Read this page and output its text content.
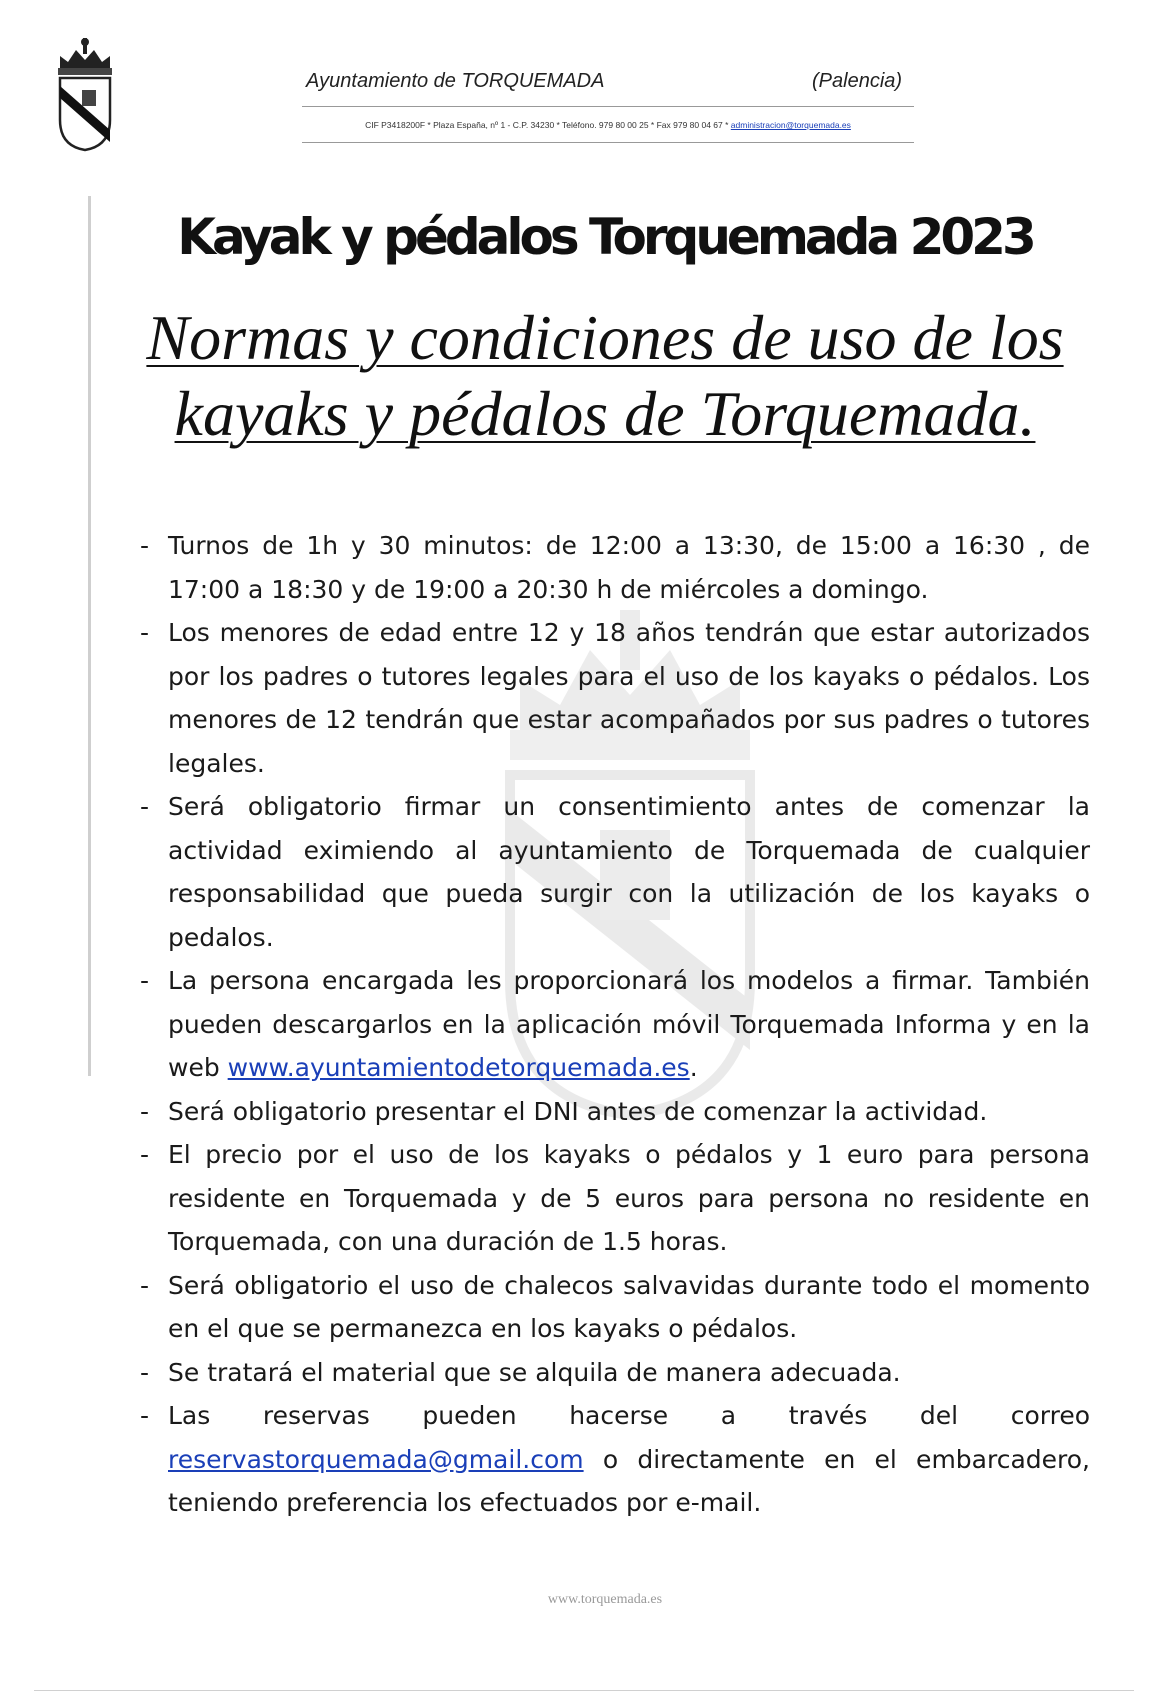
Ayuntamiento de TORQUEMADA	(Palencia)
CIF P3418200F * Plaza España, nº 1 - C.P. 34230 * Teléfono. 979 80 00 25 * Fax 979 80 04 67 * administracion@torquemada.es
Kayak y pédalos Torquemada 2023
Normas y condiciones de uso de los
kayaks y pédalos de Torquemada.
- Turnos de 1h y 30 minutos: de 12:00 a 13:30, de 15:00 a 16:30 , de 17:00 a 18:30 y de 19:00 a 20:30 h de miércoles a domingo.
- Los menores de edad entre 12 y 18 años tendrán que estar autorizados por los padres o tutores legales para el uso de los kayaks o pédalos. Los menores de 12 tendrán que estar acompañados por sus padres o tutores legales.
- Será obligatorio firmar un consentimiento antes de comenzar la actividad eximiendo al ayuntamiento de Torquemada de cualquier responsabilidad que pueda surgir con la utilización de los kayaks o pedalos.
- La persona encargada les proporcionará los modelos a firmar. También pueden descargarlos en la aplicación móvil Torquemada Informa y en la web www.ayuntamientodetorquemada.es.
- Será obligatorio presentar el DNI antes de comenzar la actividad.
- El precio por el uso de los kayaks o pédalos y 1 euro para persona residente en Torquemada y de 5 euros para persona no residente en Torquemada, con una duración de 1.5 horas.
- Será obligatorio el uso de chalecos salvavidas durante todo el momento en el que se permanezca en los kayaks o pédalos.
- Se tratará el material que se alquila de manera adecuada.
- Las reservas pueden hacerse a través del correo reservastorquemada@gmail.com o directamente en el embarcadero, teniendo preferencia los efectuados por e-mail.
www.torquemada.es
